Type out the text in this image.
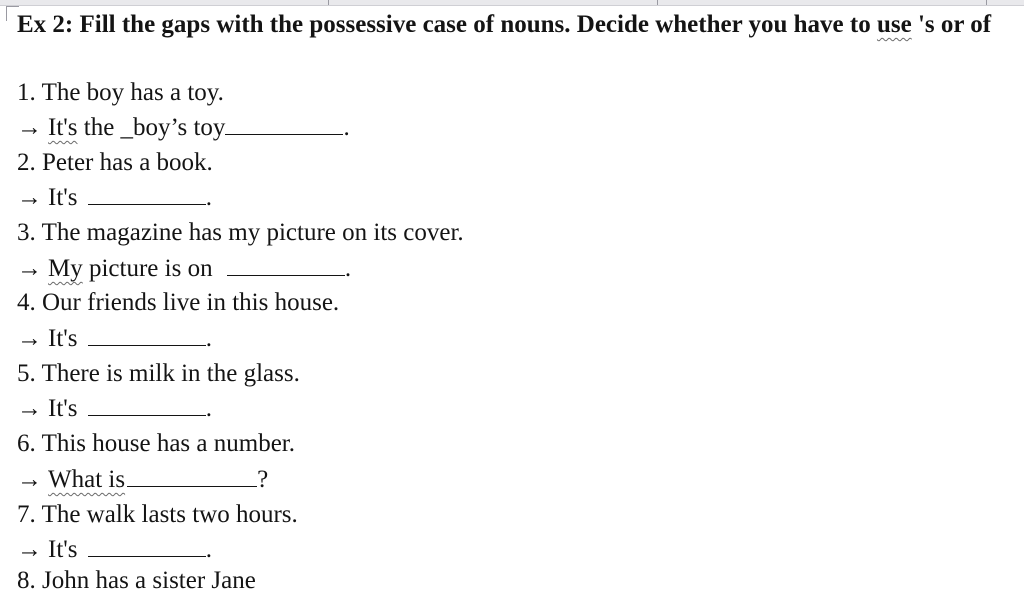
Ex 2: Fill the gaps with the possessive case of nouns. Decide whether you have to use 's or of
1. The boy has a toy.
→ It's the _boy’s toy	.
2. Peter has a book.
→ It's	.
3. The magazine has my picture on its cover.
→ My picture is on	.
4. Our friends live in this house.
→ It's	.
5. There is milk in the glass.
→ It's	.
6. This house has a number.
→ What is	?
7. The walk lasts two hours.
→ It's	.
8. John has a sister Jane
